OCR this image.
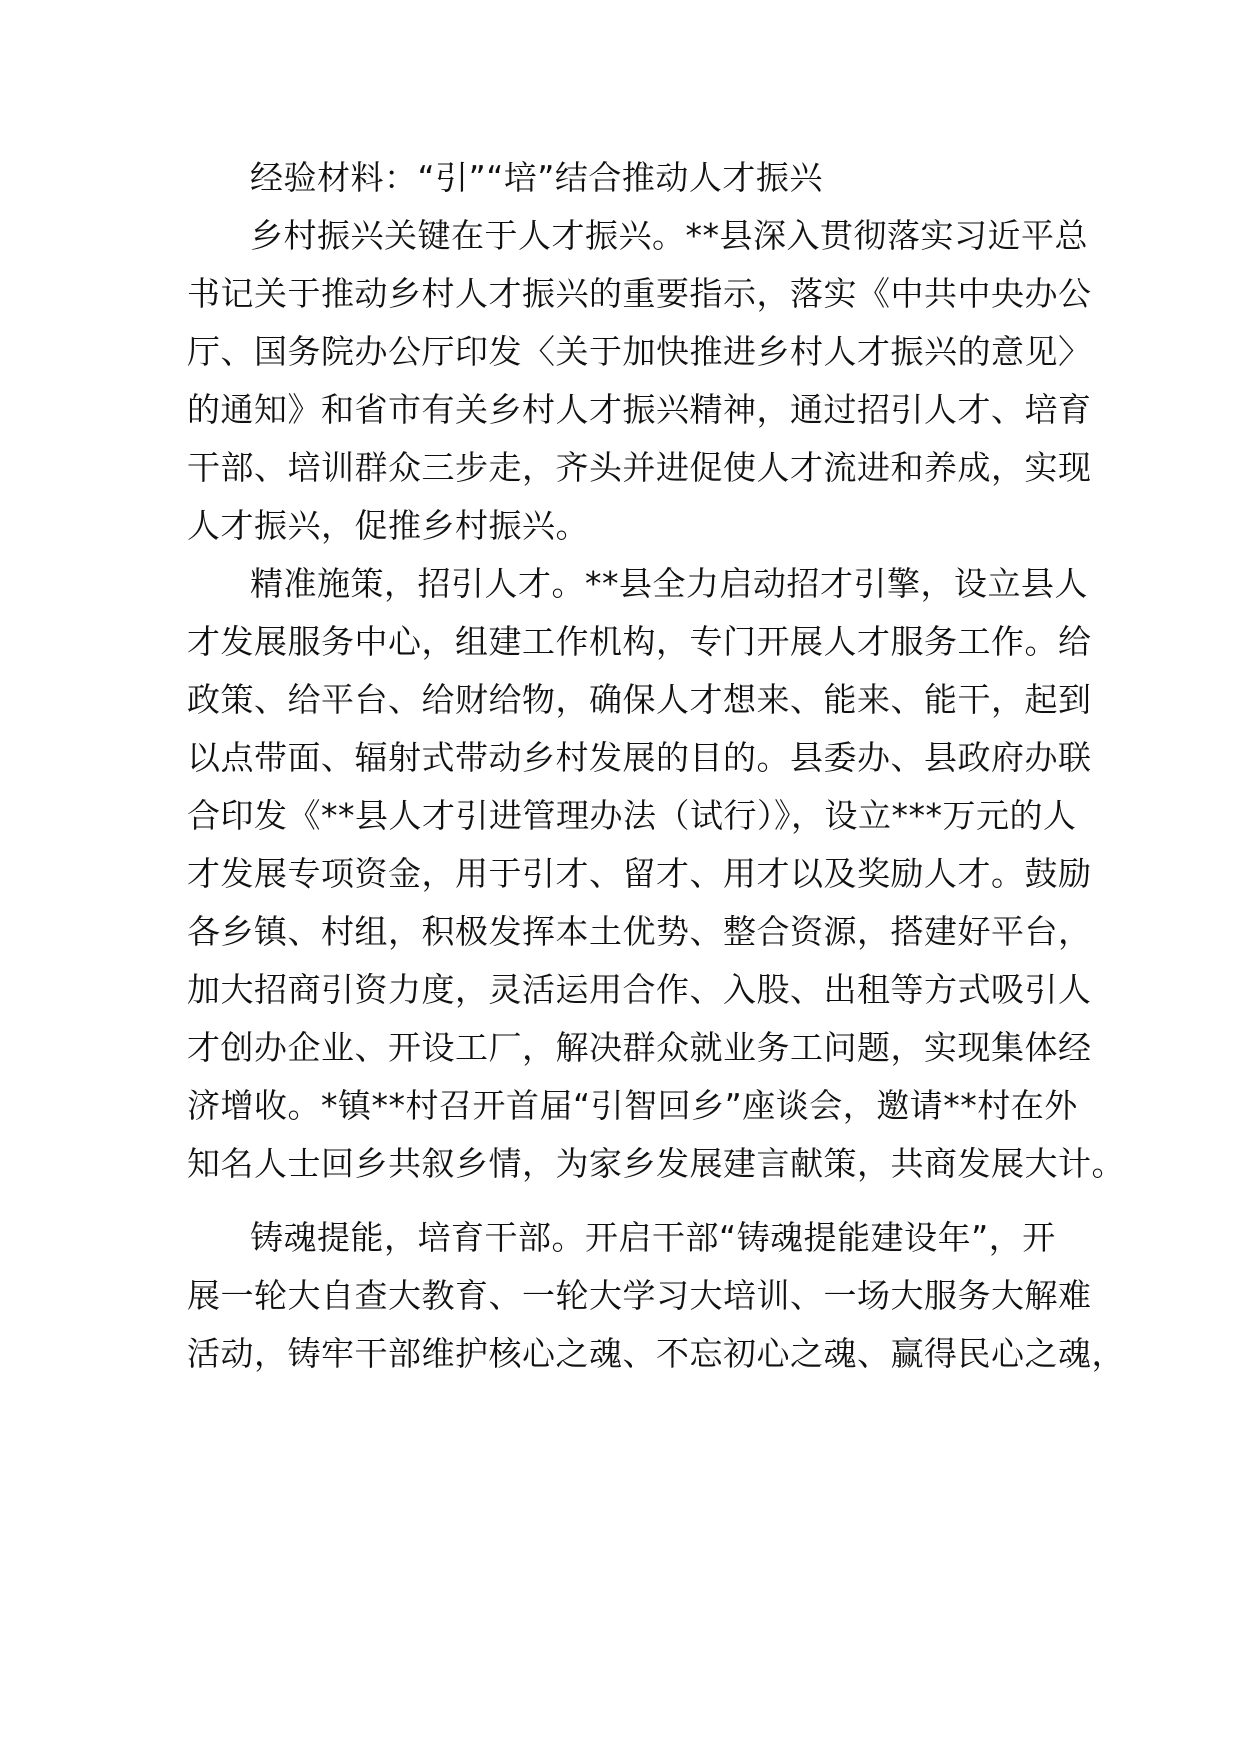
经验材料：“引”“培”结合推动人才振兴

乡村振兴关键在于人才振兴。**县深入贯彻落实习近平总

书记关于推动乡村人才振兴的重要指示，落实《中共中央办公

厅、国务院办公厅印发〈关于加快推进乡村人才振兴的意见〉

的通知》和省市有关乡村人才振兴精神，通过招引人才、培育

干部、培训群众三步走，齐头并进促使人才流进和养成，实现

人才振兴，促推乡村振兴。

精准施策，招引人才。**县全力启动招才引擎，设立县人

才发展服务中心，组建工作机构，专门开展人才服务工作。给

政策、给平台、给财给物，确保人才想来、能来、能干，起到

以点带面、辐射式带动乡村发展的目的。县委办、县政府办联

合印发《**县人才引进管理办法（试行）》，设立***万元的人

才发展专项资金，用于引才、留才、用才以及奖励人才。鼓励

各乡镇、村组，积极发挥本土优势、整合资源，搭建好平台，

加大招商引资力度，灵活运用合作、入股、出租等方式吸引人

才创办企业、开设工厂，解决群众就业务工问题，实现集体经

济增收。*镇**村召开首届“引智回乡”座谈会，邀请**村在外

知名人士回乡共叙乡情，为家乡发展建言献策，共商发展大计。

铸魂提能，培育干部。开启干部“铸魂提能建设年”，开

展一轮大自查大教育、一轮大学习大培训、一场大服务大解难

活动，铸牢干部维护核心之魂、不忘初心之魂、赢得民心之魂，
